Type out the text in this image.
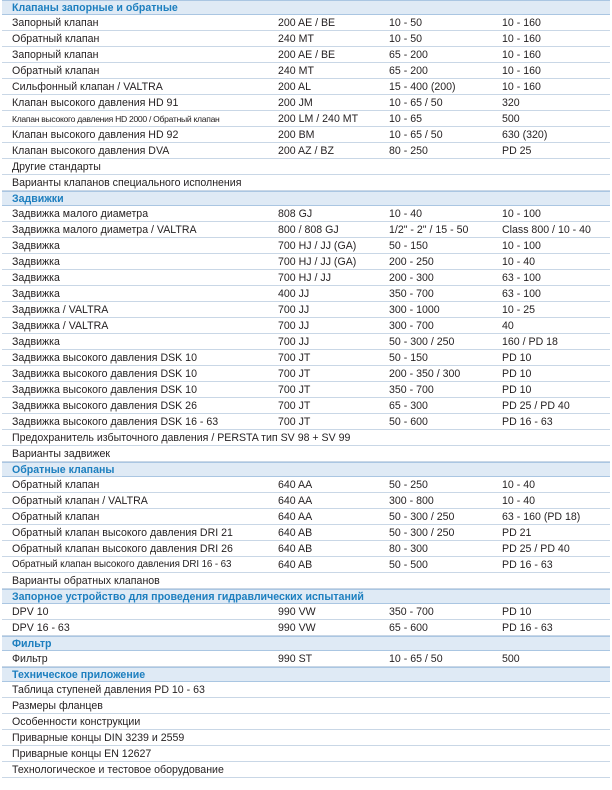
Клапаны запорные и обратные
Запорный клапан	200 AE / BE	10 - 50	10 - 160
Обратный клапан	240 MT	10 - 50	10 - 160
Запорный клапан	200 AE / BE	65 - 200	10 - 160
Обратный клапан	240 MT	65 - 200	10 - 160
Сильфонный клапан / VALTRA	200 AL	15 - 400 (200)	10 - 160
Клапан высокого давления HD 91	200 JM	10 - 65 / 50	320
Клапан высокого давления HD 2000 / Обратный клапан	200 LM / 240 MT	10 - 65	500
Клапан высокого давления HD 92	200 BM	10 - 65 / 50	630 (320)
Клапан высокого давления DVA	200 AZ / BZ	80 - 250	PD 25
Другие стандарты
Варианты клапанов специального исполнения
Задвижки
Задвижка малого диаметра	808 GJ	10 - 40	10 - 100
Задвижка малого диаметра / VALTRA	800 / 808 GJ	1/2" - 2" / 15 - 50	Class 800 / 10 - 40
Задвижка	700 HJ / JJ (GA)	50 - 150	10 - 100
Задвижка	700 HJ / JJ (GA)	200 - 250	10 - 40
Задвижка	700 HJ / JJ	200 - 300	63 - 100
Задвижка	400 JJ	350 - 700	63 - 100
Задвижка / VALTRA	700 JJ	300 - 1000	10 - 25
Задвижка / VALTRA	700 JJ	300 - 700	40
Задвижка	700 JJ	50 - 300 / 250	160 / PD 18
Задвижка высокого давления DSK 10	700 JT	50 - 150	PD 10
Задвижка высокого давления DSK 10	700 JT	200 - 350 / 300	PD 10
Задвижка высокого давления DSK 10	700 JT	350 - 700	PD 10
Задвижка высокого давления DSK 26	700 JT	65 - 300	PD 25 / PD 40
Задвижка высокого давления DSK 16 - 63	700 JT	50 - 600	PD 16 - 63
Предохранитель избыточного давления / PERSTA тип SV 98 + SV 99
Варианты задвижек
Обратные клапаны
Обратный клапан	640 AA	50 - 250	10 - 40
Обратный клапан / VALTRA	640 AA	300 - 800	10 - 40
Обратный клапан	640 AA	50 - 300 / 250	63 - 160 (PD 18)
Обратный клапан высокого давления DRI 21	640 AB	50 - 300 / 250	PD 21
Обратный клапан высокого давления DRI 26	640 AB	80 - 300	PD 25 / PD 40
Обратный клапан высокого давления DRI 16 - 63	640 AB	50 - 500	PD 16 - 63
Варианты обратных клапанов
Запорное устройство для проведения гидравлических испытаний
DPV 10	990 VW	350 - 700	PD 10
DPV 16 - 63	990 VW	65 - 600	PD 16 - 63
Фильтр
Фильтр	990 ST	10 - 65 / 50	500
Техническое приложение
Таблица ступеней давления PD 10 - 63
Размеры фланцев
Особенности конструкции
Приварные концы DIN 3239 и 2559
Приварные концы EN 12627
Технологическое и тестовое оборудование
